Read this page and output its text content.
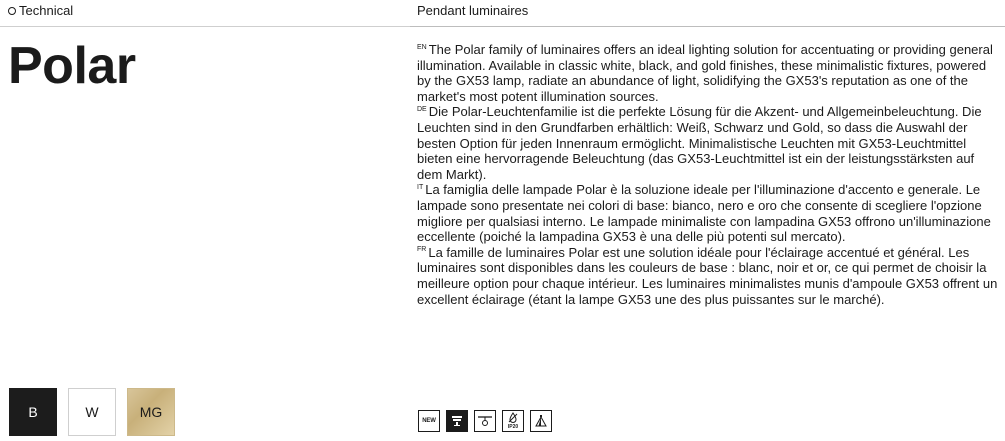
Technical	Pendant luminaires
Polar	$^{EN}$ The Polar family of luminaires offers an ideal lighting solution for accentuating or providing general illumination. Available in classic white, black, and gold finishes, these minimalistic fixtures, powered by the GX53 lamp, radiate an abundance of light, solidifying the GX53's reputation as one of the market's most potent illumination sources.

$^{DE}$ Die Polar-Leuchtenfamilie ist die perfekte Lösung für die Akzent- und Allgemeinbeleuchtung. Die Leuchten sind in den Grundfarben erhältlich: Weiß, Schwarz und Gold, so dass die Auswahl der besten Option für jeden Innenraum ermöglicht. Minimalistische Leuchten mit GX53-Leuchtmittel bieten eine hervorragende Beleuchtung (das GX53-Leuchtmittel ist ein der leistungsstärksten auf dem Markt).

$^{IT}$ La famiglia delle lampade Polar è la soluzione ideale per l'illuminazione d'accento e generale. Le lampade sono presentate nei colori di base: bianco, nero e oro che consente di scegliere l'opzione migliore per qualsiasi interno. Le lampade minimaliste con lampadina GX53 offrono un'illuminazione eccellente (poiché la lampadina GX53 è una delle più potenti sul mercato).

$^{FR}$ La famille de luminaires Polar est une solution idéale pour l'éclairage accentué et général. Les luminaires sont disponibles dans les couleurs de base : blanc, noir et or, ce qui permet de choisir la meilleure option pour chaque intérieur. Les luminaires minimalistes munis d'ampoule GX53 offrent un excellent éclairage (étant la lampe GX53 une des plus puissantes sur le marché).

B	W	MG
NEW
IP20
